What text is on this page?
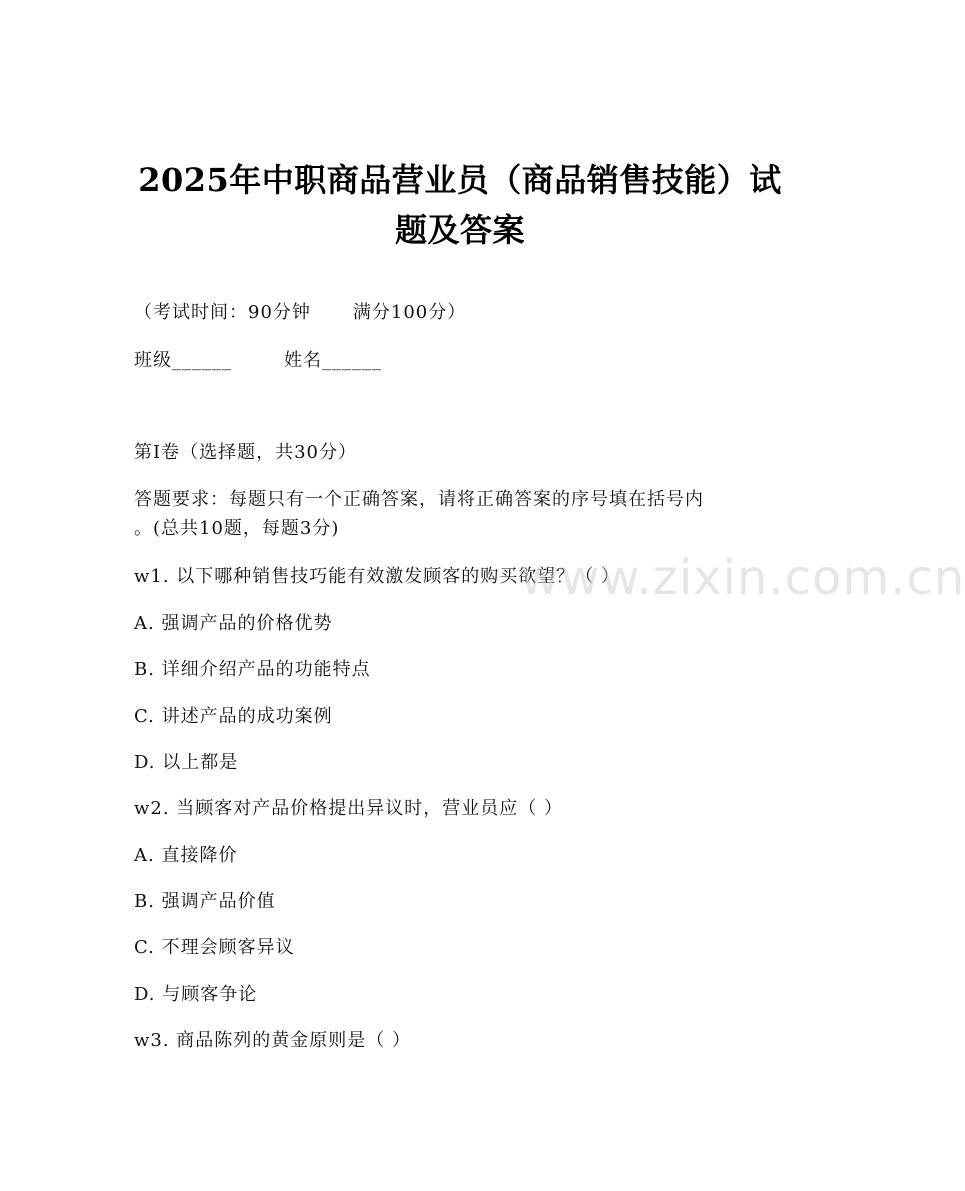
2025年中职商品营业员（商品销售技能）试
题及答案
（考试时间：90分钟 满分100分）
班级______	姓名______
第I卷（选择题，共30分）
答题要求：每题只有一个正确答案，请将正确答案的序号填在括号内
。(总共10题，每题3分)
w1. 以下哪种销售技巧能有效激发顾客的购买欲望？（ ）
A. 强调产品的价格优势
B. 详细介绍产品的功能特点
C. 讲述产品的成功案例
D. 以上都是
w2. 当顾客对产品价格提出异议时，营业员应（ ）
A. 直接降价
B. 强调产品价值
C. 不理会顾客异议
D. 与顾客争论
w3. 商品陈列的黄金原则是（ ）
www.zixin.com.cn
